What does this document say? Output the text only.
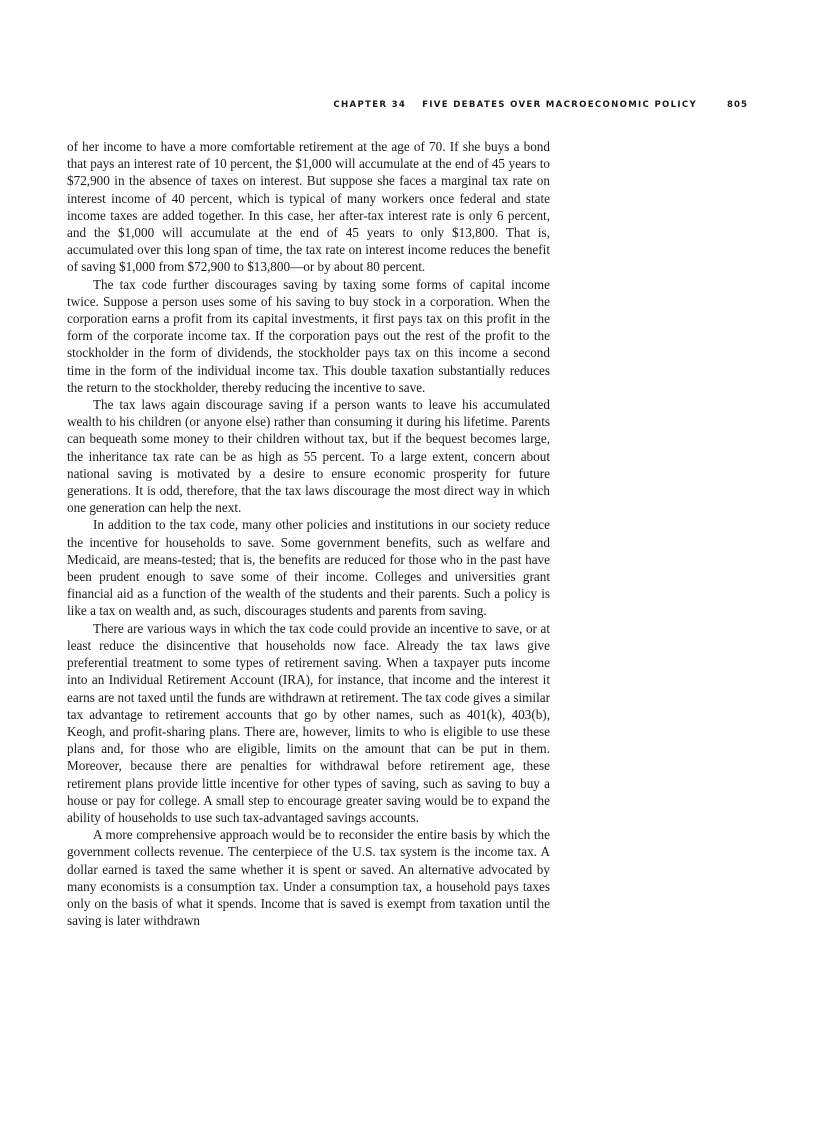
CHAPTER 34 FIVE DEBATES OVER MACROECONOMIC POLICY	805

of her income to have a more comfortable retirement at the age of 70. If she buys a bond that pays an interest rate of 10 percent, the $1,000 will accumulate at the end of 45 years to $72,900 in the absence of taxes on interest. But suppose she faces a marginal tax rate on interest income of 40 percent, which is typical of many workers once federal and state income taxes are added together. In this case, her after-tax interest rate is only 6 percent, and the $1,000 will accumulate at the end of 45 years to only $13,800. That is, accumulated over this long span of time, the tax rate on interest income reduces the benefit of saving $1,000 from $72,900 to $13,800—or by about 80 percent.

The tax code further discourages saving by taxing some forms of capital income twice. Suppose a person uses some of his saving to buy stock in a corporation. When the corporation earns a profit from its capital investments, it first pays tax on this profit in the form of the corporate income tax. If the corporation pays out the rest of the profit to the stockholder in the form of dividends, the stockholder pays tax on this income a second time in the form of the individual income tax. This double taxation substantially reduces the return to the stockholder, thereby reducing the incentive to save.

The tax laws again discourage saving if a person wants to leave his accumulated wealth to his children (or anyone else) rather than consuming it during his lifetime. Parents can bequeath some money to their children without tax, but if the bequest becomes large, the inheritance tax rate can be as high as 55 percent. To a large extent, concern about national saving is motivated by a desire to ensure economic prosperity for future generations. It is odd, therefore, that the tax laws discourage the most direct way in which one generation can help the next.

In addition to the tax code, many other policies and institutions in our society reduce the incentive for households to save. Some government benefits, such as welfare and Medicaid, are means-tested; that is, the benefits are reduced for those who in the past have been prudent enough to save some of their income. Colleges and universities grant financial aid as a function of the wealth of the students and their parents. Such a policy is like a tax on wealth and, as such, discourages students and parents from saving.

There are various ways in which the tax code could provide an incentive to save, or at least reduce the disincentive that households now face. Already the tax laws give preferential treatment to some types of retirement saving. When a taxpayer puts income into an Individual Retirement Account (IRA), for instance, that income and the interest it earns are not taxed until the funds are withdrawn at retirement. The tax code gives a similar tax advantage to retirement accounts that go by other names, such as 401(k), 403(b), Keogh, and profit-sharing plans. There are, however, limits to who is eligible to use these plans and, for those who are eligible, limits on the amount that can be put in them. Moreover, because there are penalties for withdrawal before retirement age, these retirement plans provide little incentive for other types of saving, such as saving to buy a house or pay for college. A small step to encourage greater saving would be to expand the ability of households to use such tax-advantaged savings accounts.

A more comprehensive approach would be to reconsider the entire basis by which the government collects revenue. The centerpiece of the U.S. tax system is the income tax. A dollar earned is taxed the same whether it is spent or saved. An alternative advocated by many economists is a consumption tax. Under a consumption tax, a household pays taxes only on the basis of what it spends. Income that is saved is exempt from taxation until the saving is later withdrawn
